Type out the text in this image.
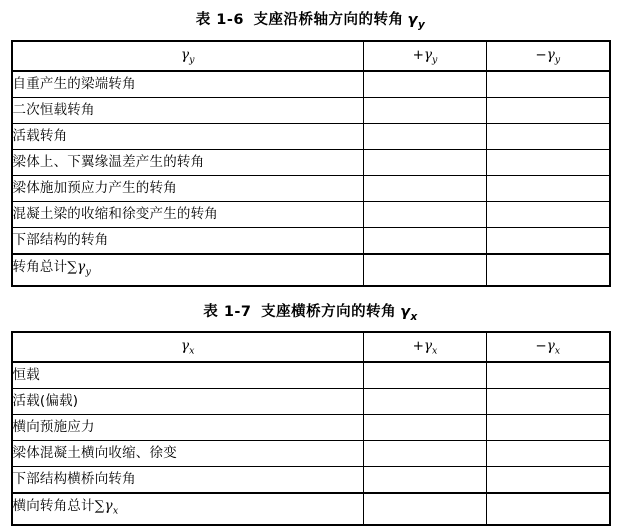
表 1-6 支座沿桥轴方向的转角 $\gamma_y$
$\gamma_y$	$+\gamma_y$	$-\gamma_y$
自重产生的梁端转角		
二次恒载转角		
活载转角		
梁体上、下翼缘温差产生的转角		
梁体施加预应力产生的转角		
混凝土梁的收缩和徐变产生的转角		
下部结构的转角		
转角总计$\sum\gamma_y$		
表 1-7 支座横桥方向的转角 $\gamma_x$
$\gamma_x$	$+\gamma_x$	$-\gamma_x$
恒载		
活载(偏载)		
横向预施应力		
梁体混凝土横向收缩、徐变		
下部结构横桥向转角		
横向转角总计$\sum\gamma_x$		
